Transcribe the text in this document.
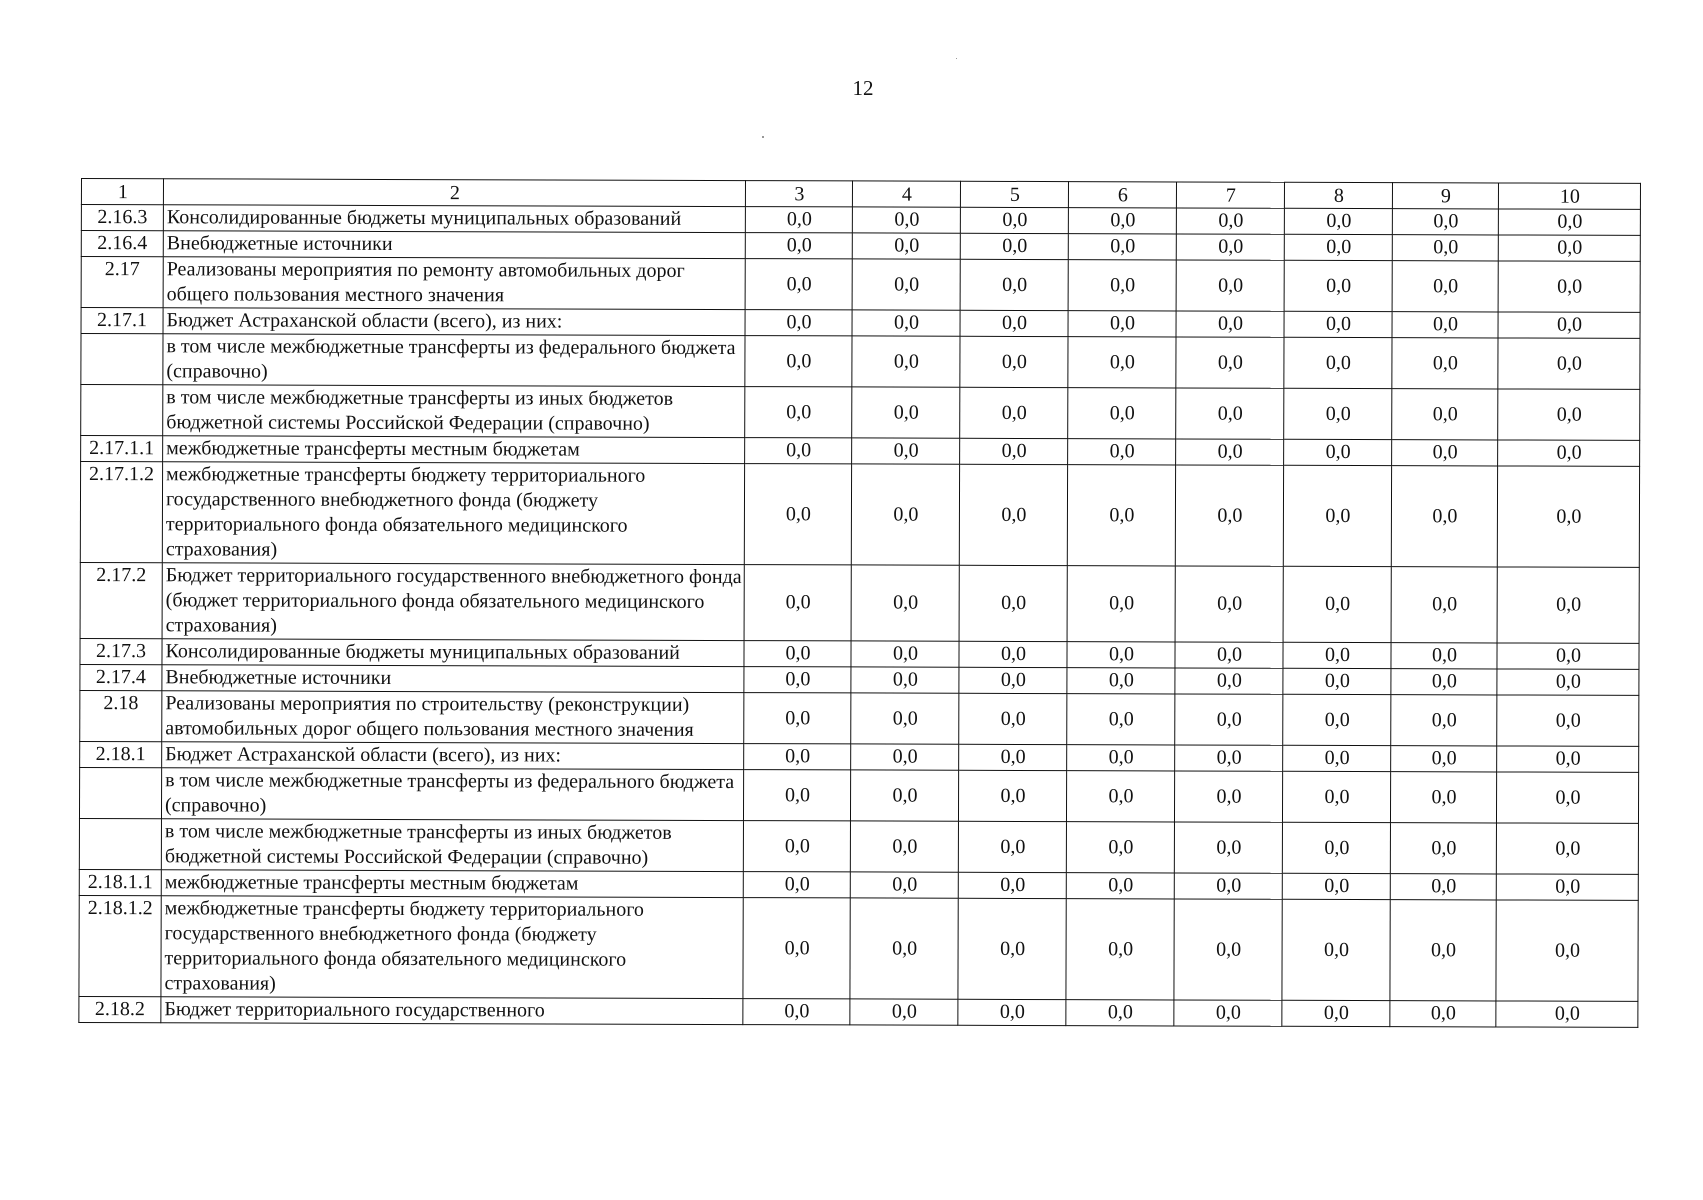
12
1	2	3	4	5	6	7	8	9	10
2.16.3	Консолидированные бюджеты муниципальных образований	0,0	0,0	0,0	0,0	0,0	0,0	0,0	0,0
2.16.4	Внебюджетные источники	0,0	0,0	0,0	0,0	0,0	0,0	0,0	0,0
2.17	Реализованы мероприятия по ремонту автомобильных дорог общего пользования местного значения	0,0	0,0	0,0	0,0	0,0	0,0	0,0	0,0
2.17.1	Бюджет Астраханской области (всего), из них:	0,0	0,0	0,0	0,0	0,0	0,0	0,0	0,0
	в том числе межбюджетные трансферты из федерального бюджета (справочно)	0,0	0,0	0,0	0,0	0,0	0,0	0,0	0,0
	в том числе межбюджетные трансферты из иных бюджетов бюджетной системы Российской Федерации (справочно)	0,0	0,0	0,0	0,0	0,0	0,0	0,0	0,0
2.17.1.1	межбюджетные трансферты местным бюджетам	0,0	0,0	0,0	0,0	0,0	0,0	0,0	0,0
2.17.1.2	межбюджетные трансферты бюджету территориального государственного внебюджетного фонда (бюджету территориального фонда обязательного медицинского страхования)	0,0	0,0	0,0	0,0	0,0	0,0	0,0	0,0
2.17.2	Бюджет территориального государственного внебюджетного фонда (бюджет территориального фонда обязательного медицинского страхования)	0,0	0,0	0,0	0,0	0,0	0,0	0,0	0,0
2.17.3	Консолидированные бюджеты муниципальных образований	0,0	0,0	0,0	0,0	0,0	0,0	0,0	0,0
2.17.4	Внебюджетные источники	0,0	0,0	0,0	0,0	0,0	0,0	0,0	0,0
2.18	Реализованы мероприятия по строительству (реконструкции) автомобильных дорог общего пользования местного значения	0,0	0,0	0,0	0,0	0,0	0,0	0,0	0,0
2.18.1	Бюджет Астраханской области (всего), из них:	0,0	0,0	0,0	0,0	0,0	0,0	0,0	0,0
	в том числе межбюджетные трансферты из федерального бюджета (справочно)	0,0	0,0	0,0	0,0	0,0	0,0	0,0	0,0
	в том числе межбюджетные трансферты из иных бюджетов бюджетной системы Российской Федерации (справочно)	0,0	0,0	0,0	0,0	0,0	0,0	0,0	0,0
2.18.1.1	межбюджетные трансферты местным бюджетам	0,0	0,0	0,0	0,0	0,0	0,0	0,0	0,0
2.18.1.2	межбюджетные трансферты бюджету территориального государственного внебюджетного фонда (бюджету территориального фонда обязательного медицинского страхования)	0,0	0,0	0,0	0,0	0,0	0,0	0,0	0,0
2.18.2	Бюджет территориального государственного	0,0	0,0	0,0	0,0	0,0	0,0	0,0	0,0
